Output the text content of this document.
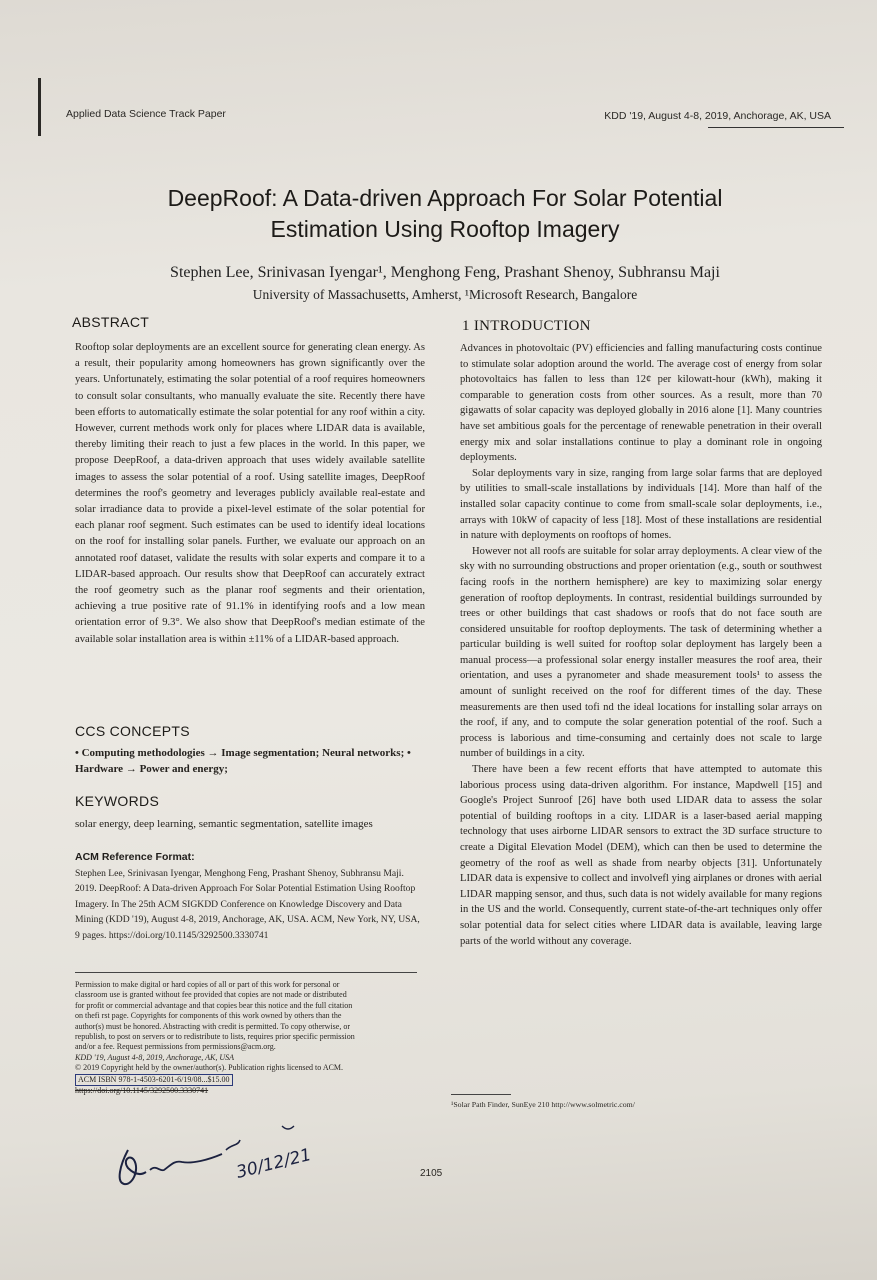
Applied Data Science Track Paper	KDD '19, August 4-8, 2019, Anchorage, AK, USA
DeepRoof: A Data-driven Approach For Solar Potential
Estimation Using Rooftop Imagery
Stephen Lee, Srinivasan Iyengar¹, Menghong Feng, Prashant Shenoy, Subhransu Maji
University of Massachusetts, Amherst, ¹Microsoft Research, Bangalore
ABSTRACT
Rooftop solar deployments are an excellent source for generating clean energy. As a result, their popularity among homeowners has grown significantly over the years. Unfortunately, estimating the solar potential of a roof requires homeowners to consult solar consultants, who manually evaluate the site. Recently there have been efforts to automatically estimate the solar potential for any roof within a city. However, current methods work only for places where LIDAR data is available, thereby limiting their reach to just a few places in the world. In this paper, we propose DeepRoof, a data-driven approach that uses widely available satellite images to assess the solar potential of a roof. Using satellite images, DeepRoof determines the roof's geometry and leverages publicly available real-estate and solar irradiance data to provide a pixel-level estimate of the solar potential for each planar roof segment. Such estimates can be used to identify ideal locations on the roof for installing solar panels. Further, we evaluate our approach on an annotated roof dataset, validate the results with solar experts and compare it to a LIDAR-based approach. Our results show that DeepRoof can accurately extract the roof geometry such as the planar roof segments and their orientation, achieving a true positive rate of 91.1% in identifying roofs and a low mean orientation error of 9.3°. We also show that DeepRoof's median estimate of the available solar installation area is within ±11% of a LIDAR-based approach.
CCS CONCEPTS
• Computing methodologies → Image segmentation; Neural networks; • Hardware → Power and energy;
KEYWORDS
solar energy, deep learning, semantic segmentation, satellite images
ACM Reference Format:
Stephen Lee, Srinivasan Iyengar, Menghong Feng, Prashant Shenoy, Subhransu Maji. 2019. DeepRoof: A Data-driven Approach For Solar Potential Estimation Using Rooftop Imagery. In The 25th ACM SIGKDD Conference on Knowledge Discovery and Data Mining (KDD '19), August 4-8, 2019, Anchorage, AK, USA. ACM, New York, NY, USA, 9 pages. https://doi.org/10.1145/3292500.3330741
Permission to make digital or hard copies of all or part of this work for personal or
classroom use is granted without fee provided that copies are not made or distributed
for profit or commercial advantage and that copies bear this notice and the full citation
on thefi rst page. Copyrights for components of this work owned by others than the
author(s) must be honored. Abstracting with credit is permitted. To copy otherwise, or
republish, to post on servers or to redistribute to lists, requires prior specific permission
and/or a fee. Request permissions from permissions@acm.org.
KDD '19, August 4-8, 2019, Anchorage, AK, USA
© 2019 Copyright held by the owner/author(s). Publication rights licensed to ACM.
ACM ISBN 978-1-4503-6201-6/19/08...$15.00
https://doi.org/10.1145/3292500.3330741
1 INTRODUCTION

Advances in photovoltaic (PV) efficiencies and falling manufacturing costs continue to stimulate solar adoption around the world. The average cost of energy from solar photovoltaics has fallen to less than 12¢ per kilowatt-hour (kWh), making it comparable to generation costs from other sources. As a result, more than 70 gigawatts of solar capacity was deployed globally in 2016 alone [1]. Many countries have set ambitious goals for the percentage of renewable penetration in their overall energy mix and solar installations continue to play a dominant role in ongoing deployments.

Solar deployments vary in size, ranging from large solar farms that are deployed by utilities to small-scale installations by individuals [14]. More than half of the installed solar capacity continue to come from small-scale solar deployments, i.e., arrays with 10kW of capacity of less [18]. Most of these installations are residential in nature with deployments on rooftops of homes.

However not all roofs are suitable for solar array deployments. A clear view of the sky with no surrounding obstructions and proper orientation (e.g., south or southwest facing roofs in the northern hemisphere) are key to maximizing solar energy generation of rooftop deployments. In contrast, residential buildings surrounded by trees or other buildings that cast shadows or roofs that do not face south are considered unsuitable for rooftop deployments. The task of determining whether a particular building is well suited for rooftop solar deployment has largely been a manual process—a professional solar energy installer measures the roof area, their orientation, and uses a pyranometer and shade measurement tools¹ to assess the amount of sunlight received on the roof for different times of the day. These measurements are then used tofi nd the ideal locations for installing solar arrays on the roof, if any, and to compute the solar generation potential of the roof. Such a process is laborious and time-consuming and certainly does not scale to large number of buildings in a city.

There have been a few recent efforts that have attempted to automate this laborious process using data-driven algorithm. For instance, Mapdwell [15] and Google's Project Sunroof [26] have both used LIDAR data to assess the solar potential of building rooftops in a city. LIDAR is a laser-based aerial mapping technology that uses airborne LIDAR sensors to extract the 3D surface structure to create a Digital Elevation Model (DEM), which can then be used to determine the geometry of the roof as well as shade from nearby objects [31]. Unfortunately LIDAR data is expensive to collect and involvefl ying airplanes or drones with aerial LIDAR mapping sensor, and thus, such data is not widely available for many regions in the US and the world. Consequently, current state-of-the-art techniques only offer solar potential data for select cities where LIDAR data is available, leaving large parts of the world without any coverage.

¹Solar Path Finder, SunEye 210 http://www.solmetric.com/
2105
30/12/21
